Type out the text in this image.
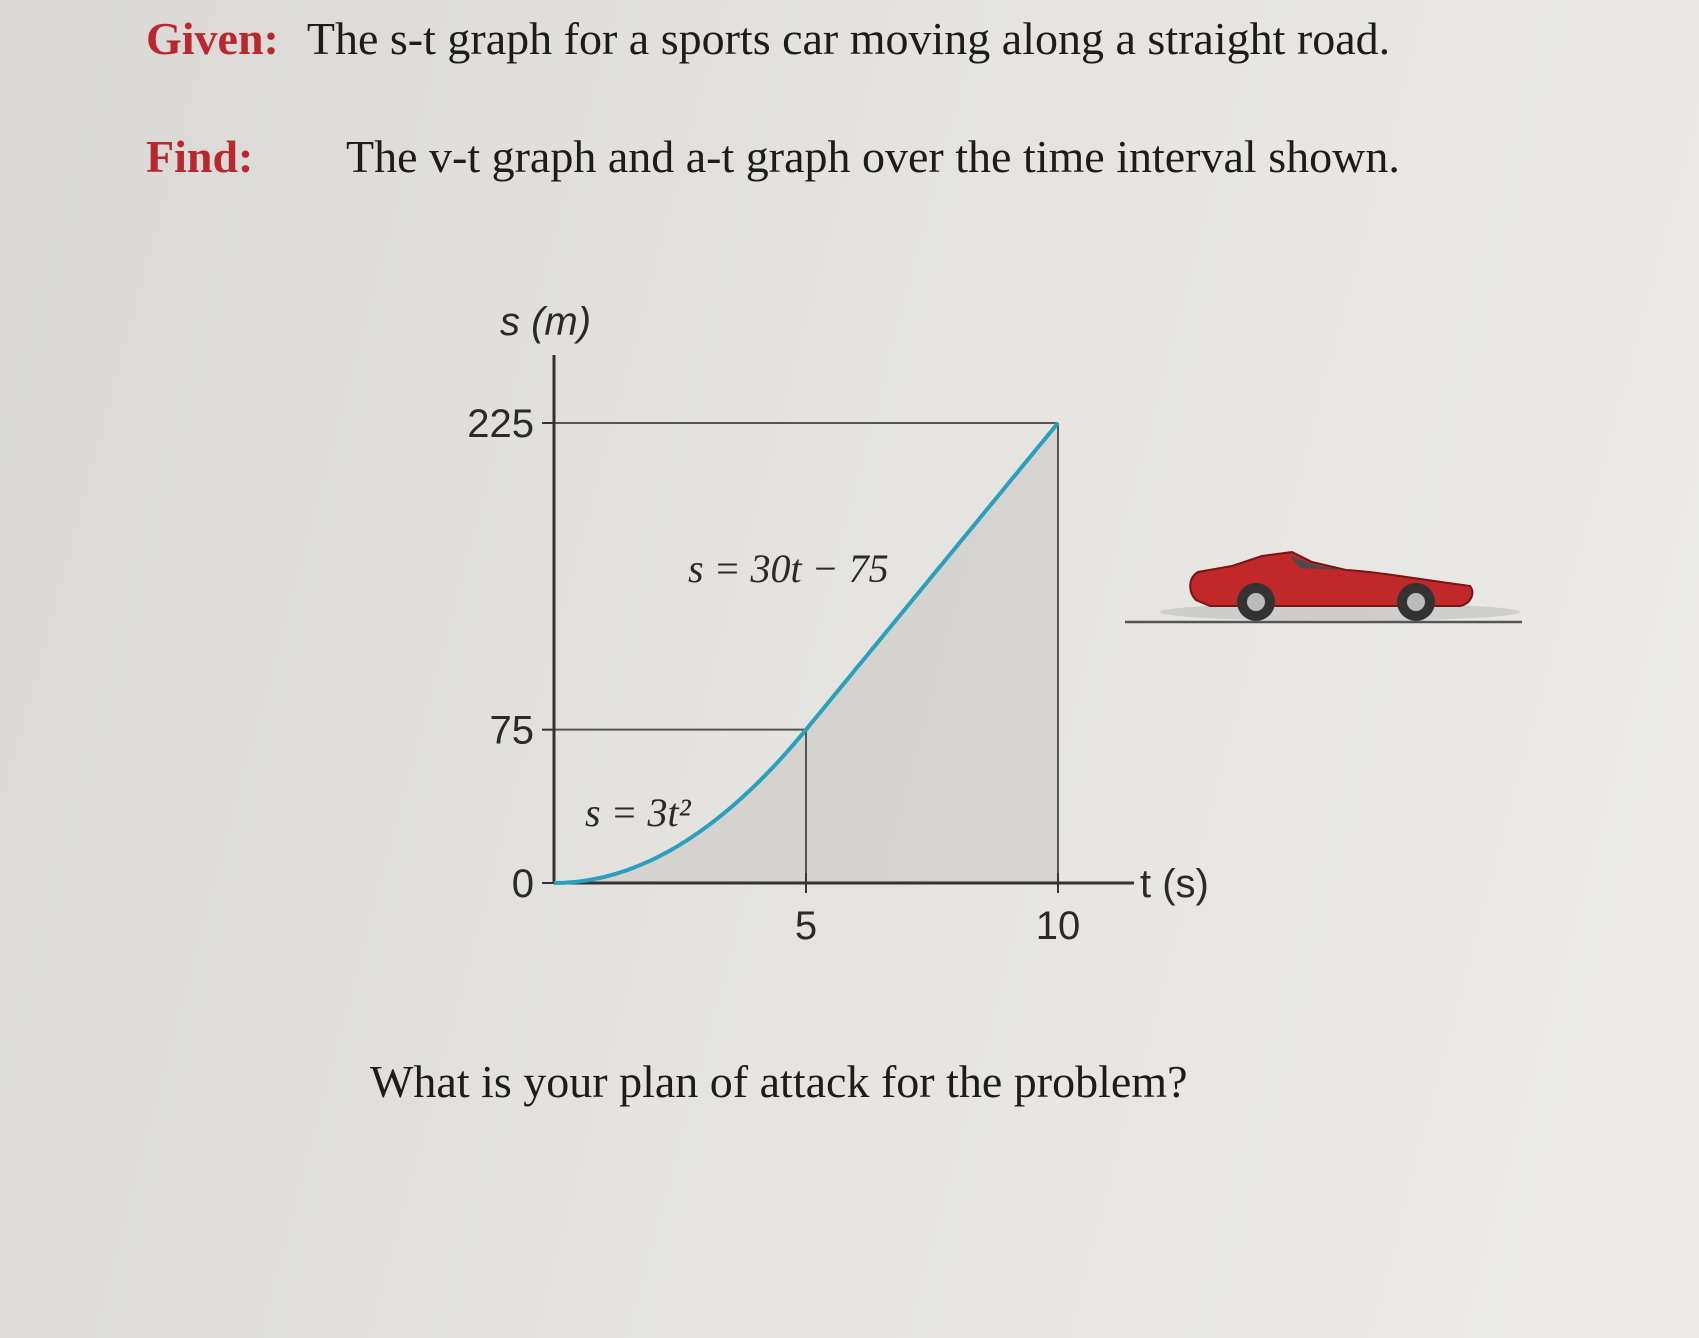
Given: The s-t graph for a sports car moving along a straight road.
Find: The v-t graph and a-t graph over the time interval shown.
0
75
225
5	10
s (m)
t (s)
s = 3t²
s = 30t − 75
What is your plan of attack for the problem?
